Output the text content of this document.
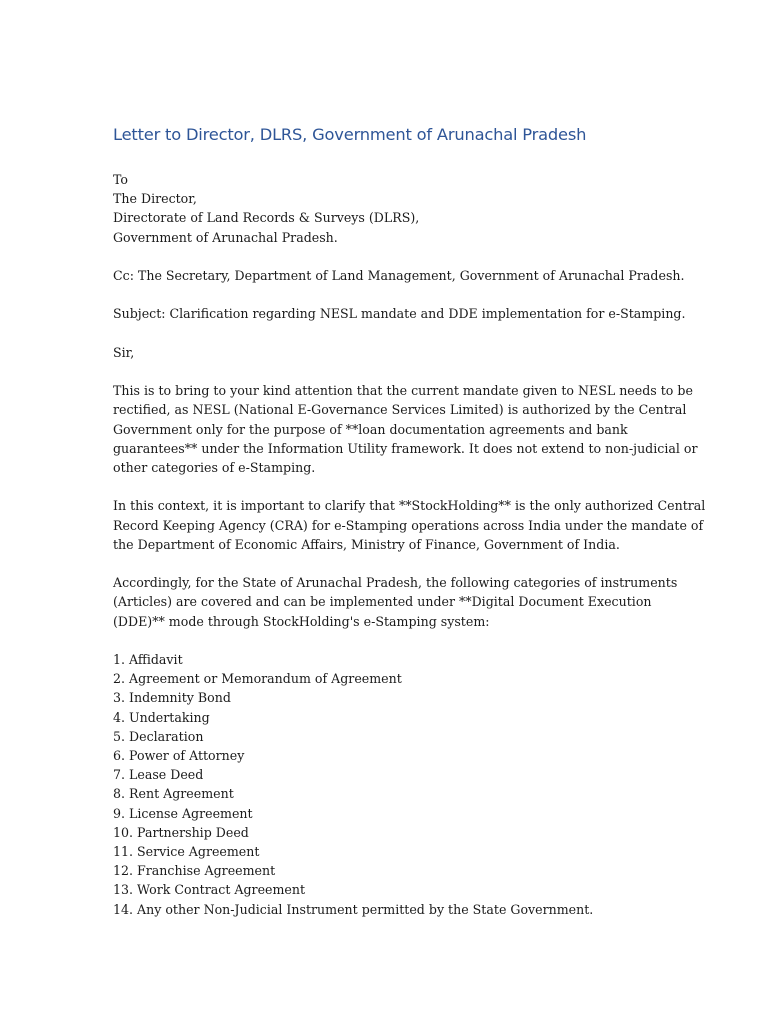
Letter to Director, DLRS, Government of Arunachal Pradesh
To
The Director,
Directorate of Land Records & Surveys (DLRS),
Government of Arunachal Pradesh.
Cc: The Secretary, Department of Land Management, Government of Arunachal Pradesh.
Subject: Clarification regarding NESL mandate and DDE implementation for e-Stamping.
Sir,
This is to bring to your kind attention that the current mandate given to NESL needs to be
rectified, as NESL (National E-Governance Services Limited) is authorized by the Central
Government only for the purpose of **loan documentation agreements and bank
guarantees** under the Information Utility framework. It does not extend to non-judicial or
other categories of e-Stamping.
In this context, it is important to clarify that **StockHolding** is the only authorized Central
Record Keeping Agency (CRA) for e-Stamping operations across India under the mandate of
the Department of Economic Affairs, Ministry of Finance, Government of India.
Accordingly, for the State of Arunachal Pradesh, the following categories of instruments
(Articles) are covered and can be implemented under **Digital Document Execution
(DDE)** mode through StockHolding's e-Stamping system:
1. Affidavit
2. Agreement or Memorandum of Agreement
3. Indemnity Bond
4. Undertaking
5. Declaration
6. Power of Attorney
7. Lease Deed
8. Rent Agreement
9. License Agreement
10. Partnership Deed
11. Service Agreement
12. Franchise Agreement
13. Work Contract Agreement
14. Any other Non-Judicial Instrument permitted by the State Government.
